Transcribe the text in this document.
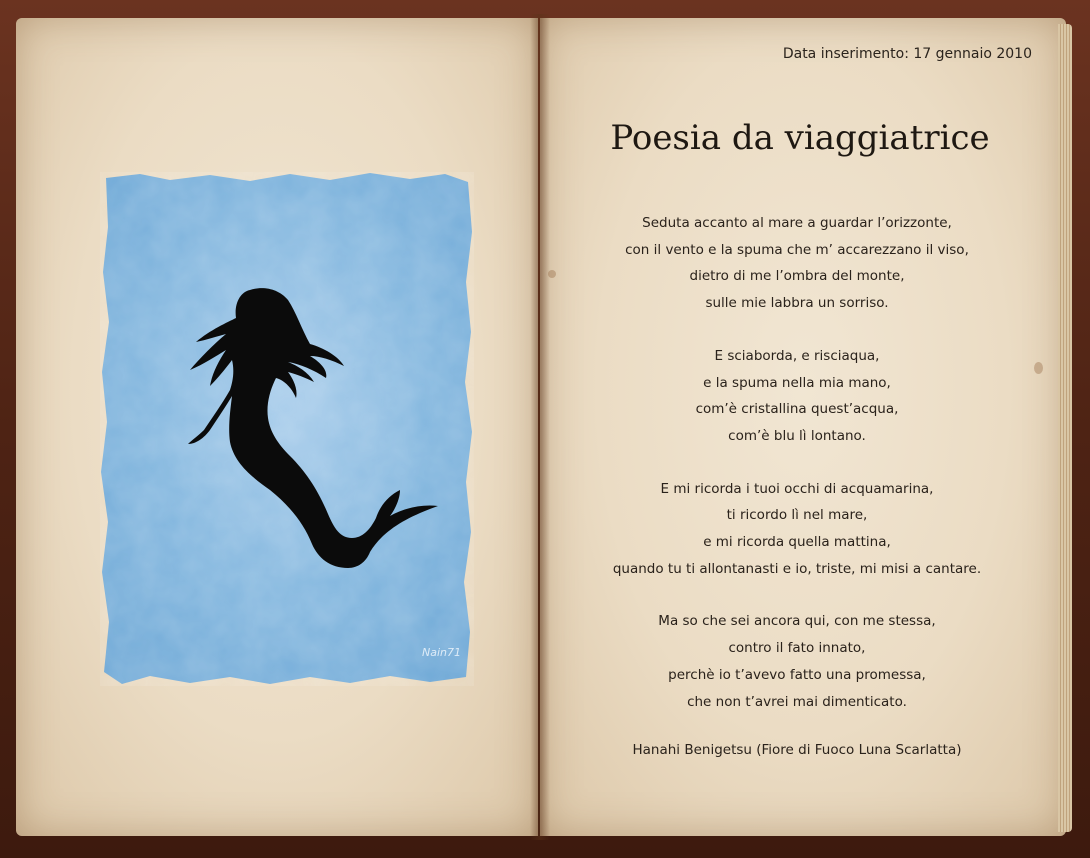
Nain71
Data inserimento: 17 gennaio 2010
Poesia da viaggiatrice
Seduta accanto al mare a guardar l’orizzonte,
con il vento e la spuma che m’ accarezzano il viso,
dietro di me l’ombra del monte,
sulle mie labbra un sorriso.
E sciaborda, e risciaqua,
e la spuma nella mia mano,
com’è cristallina quest’acqua,
com’è blu lì lontano.
E mi ricorda i tuoi occhi di acquamarina,
ti ricordo lì nel mare,
e mi ricorda quella mattina,
quando tu ti allontanasti e io, triste, mi misi a cantare.
Ma so che sei ancora qui, con me stessa,
contro il fato innato,
perchè io t’avevo fatto una promessa,
che non t’avrei mai dimenticato.
Hanahi Benigetsu (Fiore di Fuoco Luna Scarlatta)
